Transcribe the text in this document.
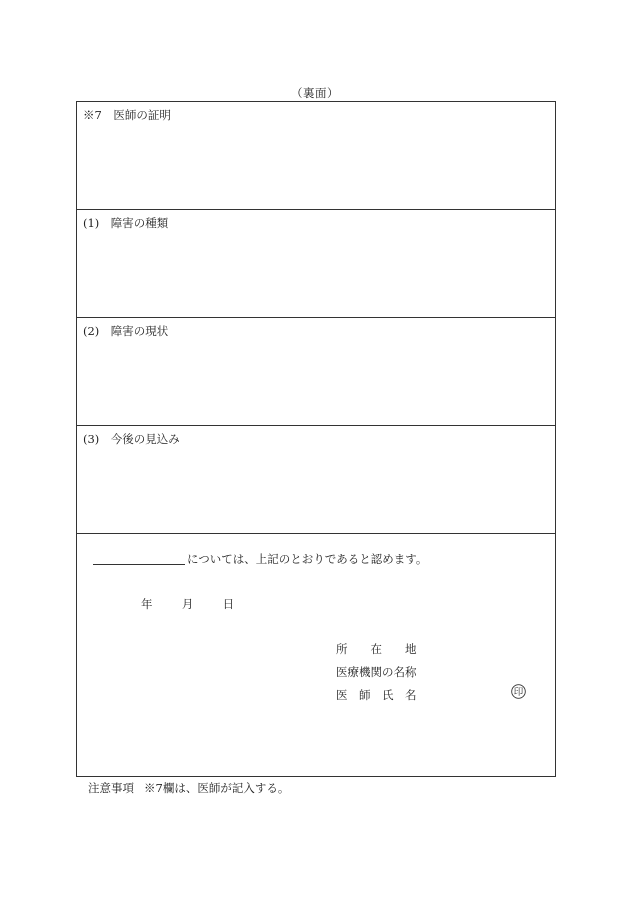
（裏面）
※7　医師の証明
(1)　障害の種類
(2)　障害の現状
(3)　今後の見込み
については、上記のとおりであると認めます。
年	月	日
所　　在　　地
医療機関の名称
医　師　氏　名	印
注意事項 ※7欄は、医師が記入する。
